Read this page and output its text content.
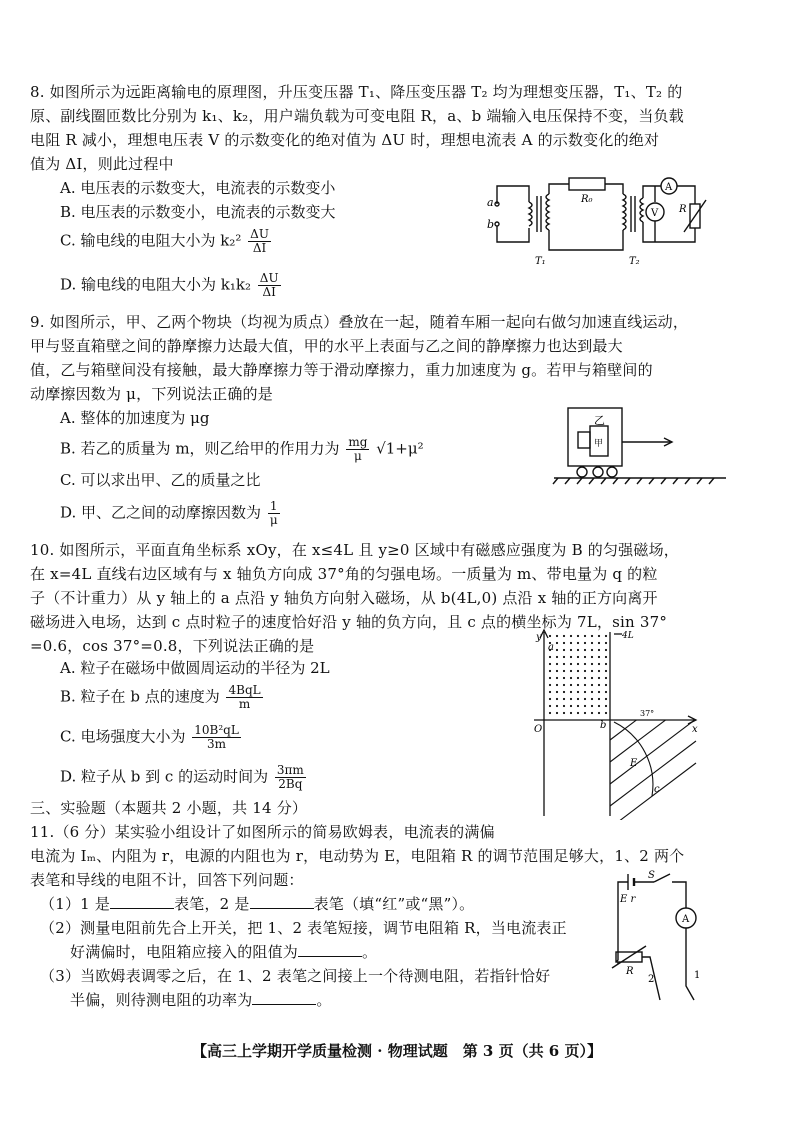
8. 如图所示为远距离输电的原理图，升压变压器 T₁、降压变压器 T₂ 均为理想变压器，T₁、T₂ 的
原、副线圈匝数比分别为 k₁、k₂，用户端负载为可变电阻 R，a、b 端输入电压保持不变，当负载
电阻 R 减小，理想电压表 V 的示数变化的绝对值为 ΔU 时，理想电流表 A 的示数变化的绝对
值为 ΔI，则此过程中
A. 电压表的示数变大，电流表的示数变小
B. 电压表的示数变小，电流表的示数变大
C. 输电线的电阻大小为 $k_2^2 \frac{\Delta U}{\Delta I}$
D. 输电线的电阻大小为 $k_1k_2 \frac{\Delta U}{\Delta I}$
a
b
R₀
A
V R
T₁	T₂
9. 如图所示，甲、乙两个物块（均视为质点）叠放在一起，随着车厢一起向右做匀加速直线运动，
甲与竖直箱壁之间的静摩擦力达最大值，甲的水平上表面与乙之间的静摩擦力也达到最大
值，乙与箱壁间没有接触，最大静摩擦力等于滑动摩擦力，重力加速度为 g。若甲与箱壁间的
动摩擦因数为 μ，下列说法正确的是
A. 整体的加速度为 μg
B. 若乙的质量为 m，则乙给甲的作用力为 $\frac{mg}{\mu} √1+\mu^2$
C. 可以求出甲、乙的质量之比
D. 甲、乙之间的动摩擦因数为 $\frac{1}{\mu}$
乙
甲
10. 如图所示，平面直角坐标系 xOy，在 x≤4L 且 y≥0 区域中有磁感应强度为 B 的匀强磁场，
在 x=4L 直线右边区域有与 x 轴负方向成 37°角的匀强电场。一质量为 m、带电量为 q 的粒
子（不计重力）从 y 轴上的 a 点沿 y 轴负方向射入磁场，从 b(4L,0) 点沿 x 轴的正方向离开
磁场进入电场，达到 c 点时粒子的速度恰好沿 y 轴的负方向，且 c 点的横坐标为 7L，sin 37°
=0.6，cos 37°=0.8，下列说法正确的是
A. 粒子在磁场中做圆周运动的半径为 2L
B. 粒子在 b 点的速度为 $\frac{\text{4BqL}}{m}$
C. 电场强度大小为 $\frac{\text{10B²qL}}{3m}$
D. 粒子从 b 到 c 的运动时间为 $\frac{3\pi m}{2Bq}$
y
x
O
a
b
c
E
4L
37°
三、实验题（本题共 2 小题，共 14 分）
11.（6 分）某实验小组设计了如图所示的简易欧姆表，电流表的满偏
电流为 Iₘ、内阻为 r，电源的内阻也为 r，电动势为 E，电阻箱 R 的调节范围足够大，1、2 两个
表笔和导线的电阻不计，回答下列问题：
（1）1 是	表笔，2 是	表笔（填“红”或“黑”）。
（2）测量电阻前先合上开关，把 1、2 表笔短接，调节电阻箱 R，当电流表正
好满偏时，电阻箱应接入的阻值为	。
（3）当欧姆表调零之后，在 1、2 表笔之间接上一个待测电阻，若指针恰好
半偏，则待测电阻的功率为	。
S
E r
A
R	1
2
【高三上学期开学质量检测 · 物理试题　第 3 页（共 6 页）】
